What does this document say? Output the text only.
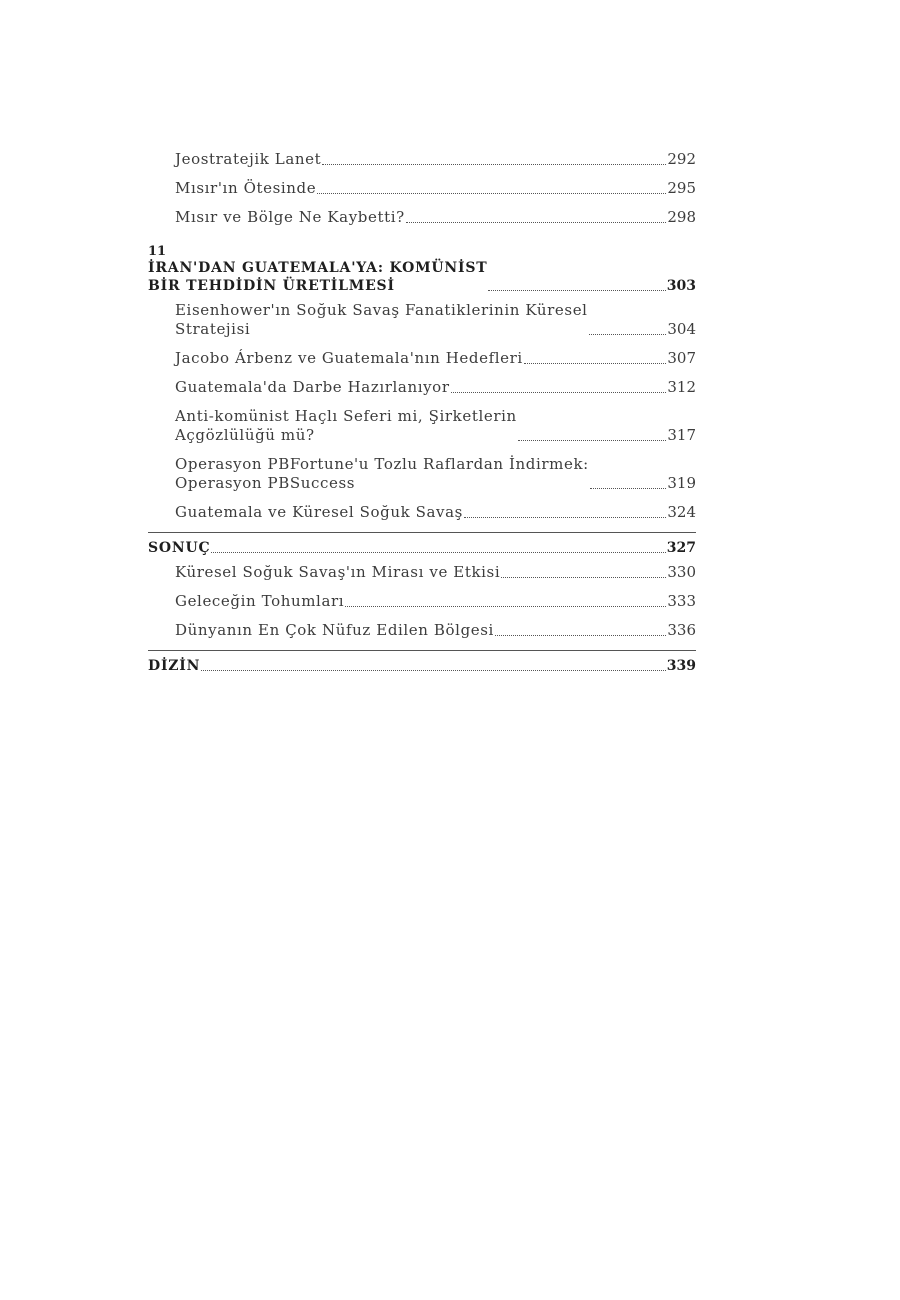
Jeostratejik Lanet	292
Mısır'ın Ötesinde	295
Mısır ve Bölge Ne Kaybetti?	298
11
İRAN'DAN GUATEMALA'YA: KOMÜNİST
BİR TEHDİDİN ÜRETİLMESİ	303
Eisenhower'ın Soğuk Savaş Fanatiklerinin Küresel
Stratejisi	304
Jacobo Árbenz ve Guatemala'nın Hedefleri	307
Guatemala'da Darbe Hazırlanıyor	312
Anti-komünist Haçlı Seferi mi, Şirketlerin
Açgözlülüğü mü?	317
Operasyon PBFortune'u Tozlu Raflardan İndirmek:
Operasyon PBSuccess	319
Guatemala ve Küresel Soğuk Savaş	324
SONUÇ	327
Küresel Soğuk Savaş'ın Mirası ve Etkisi	330
Geleceğin Tohumları	333
Dünyanın En Çok Nüfuz Edilen Bölgesi	336
DİZİN	339
